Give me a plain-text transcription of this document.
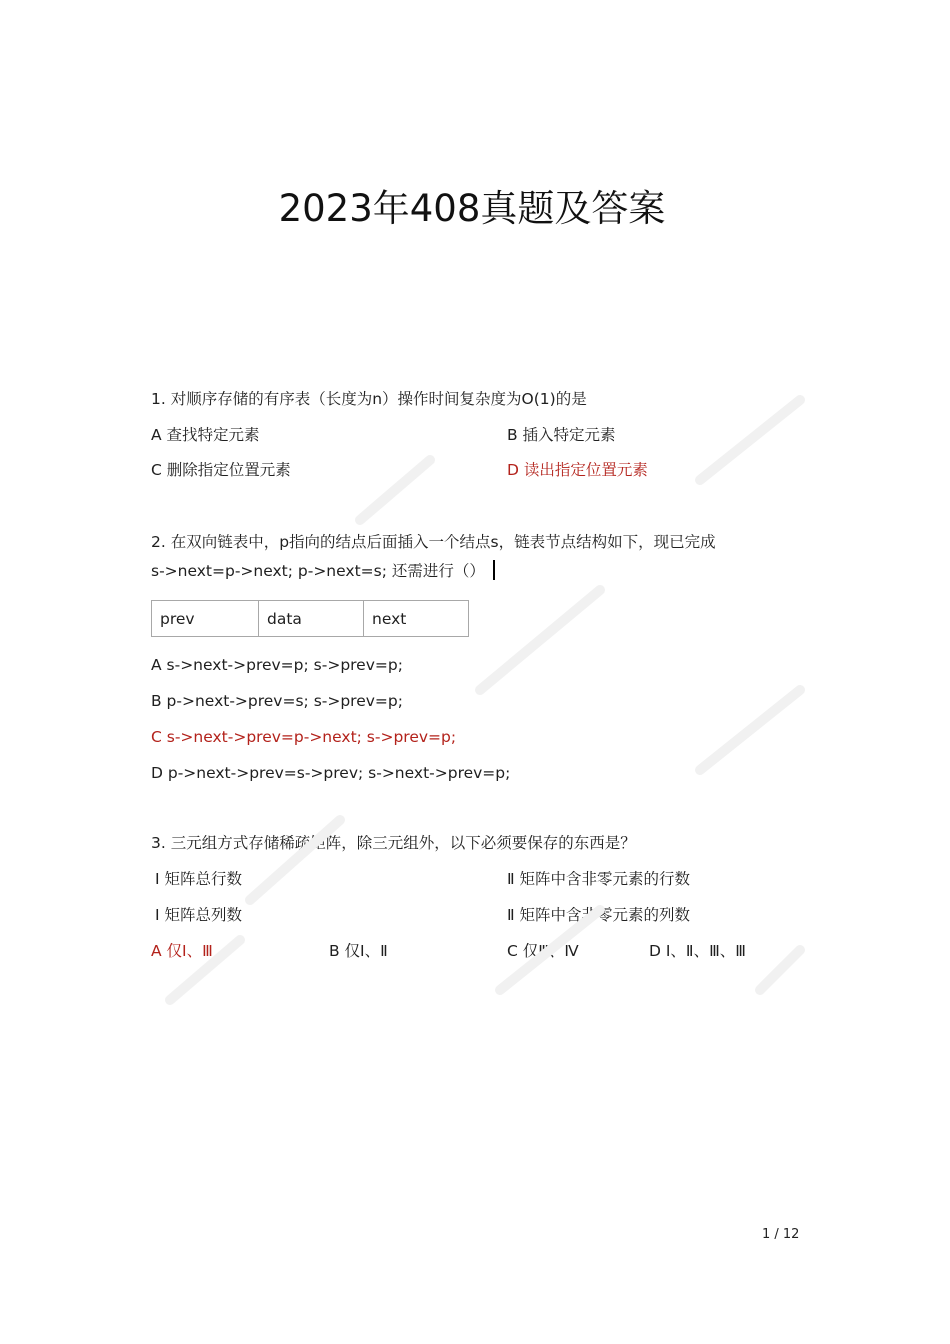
2023年408真题及答案
1. 对顺序存储的有序表（长度为n）操作时间复杂度为O(1)的是
A 查找特定元素	B 插入特定元素
C 删除指定位置元素	D 读出指定位置元素
2. 在双向链表中，p指向的结点后面插入一个结点s，链表节点结构如下，现已完成
s->next=p->next; p->next=s; 还需进行（）
prev	data	next
A s->next->prev=p; s->prev=p;
B p->next->prev=s; s->prev=p;
C s->next->prev=p->next; s->prev=p;
D p->next->prev=s->prev; s->next->prev=p;
3. 三元组方式存储稀疏矩阵，除三元组外，以下必须要保存的东西是？
Ⅰ 矩阵总行数	Ⅱ 矩阵中含非零元素的行数
Ⅰ 矩阵总列数	Ⅱ 矩阵中含非零元素的列数
A 仅Ⅰ、Ⅲ	B 仅Ⅰ、Ⅱ	C 仅Ⅲ、Ⅳ	D Ⅰ、Ⅱ、Ⅲ、Ⅲ
1 / 12
